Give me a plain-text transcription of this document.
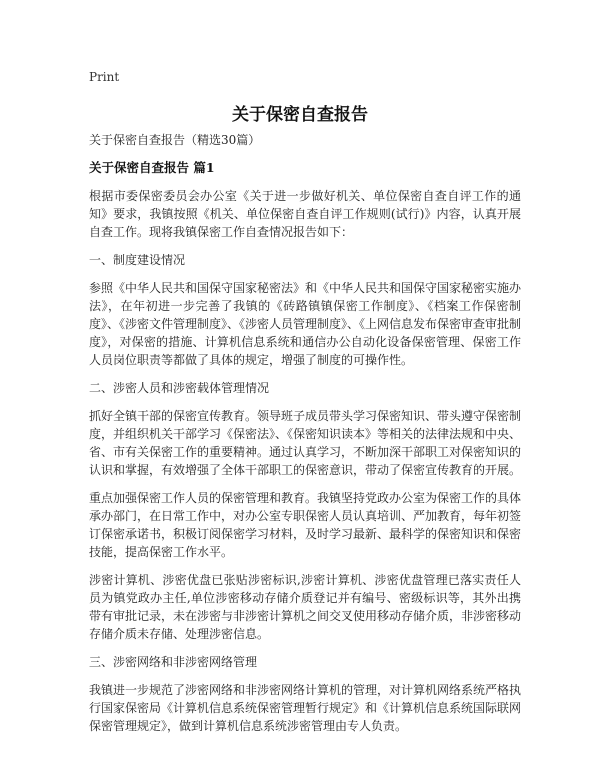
Print
关于保密自查报告

关于保密自查报告（精选30篇）

关于保密自查报告 篇1

根据市委保密委员会办公室《关于进一步做好机关、单位保密自查自评工作的通知》要求，我镇按照《机关、单位保密自查自评工作规则(试行)》内容，认真开展自查工作。现将我镇保密工作自查情况报告如下：

一、制度建设情况

参照《中华人民共和国保守国家秘密法》和《中华人民共和国保守国家秘密实施办法》，在年初进一步完善了我镇的《砖路镇镇保密工作制度》、《档案工作保密制度》、《涉密文件管理制度》、《涉密人员管理制度》、《上网信息发布保密审查审批制度》，对保密的措施、计算机信息系统和通信办公自动化设备保密管理、保密工作人员岗位职责等都做了具体的规定，增强了制度的可操作性。

二、涉密人员和涉密载体管理情况

抓好全镇干部的保密宣传教育。领导班子成员带头学习保密知识、带头遵守保密制度，并组织机关干部学习《保密法》、《保密知识读本》等相关的法律法规和中央、省、市有关保密工作的重要精神。通过认真学习，不断加深干部职工对保密知识的认识和掌握，有效增强了全体干部职工的保密意识，带动了保密宣传教育的开展。

重点加强保密工作人员的保密管理和教育。我镇坚持党政办公室为保密工作的具体承办部门，在日常工作中，对办公室专职保密人员认真培训、严加教育，每年初签订保密承诺书，积极订阅保密学习材料，及时学习最新、最科学的保密知识和保密技能，提高保密工作水平。

涉密计算机、涉密优盘已张贴涉密标识,涉密计算机、涉密优盘管理已落实责任人员为镇党政办主任,单位涉密移动存储介质登记并有编号、密级标识等，其外出携带有审批记录，未在涉密与非涉密计算机之间交叉使用移动存储介质，非涉密移动存储介质未存储、处理涉密信息。

三、涉密网络和非涉密网络管理

我镇进一步规范了涉密网络和非涉密网络计算机的管理，对计算机网络系统严格执行国家保密局《计算机信息系统保密管理暂行规定》和《计算机信息系统国际联网保密管理规定》，做到计算机信息系统涉密管理由专人负责。
